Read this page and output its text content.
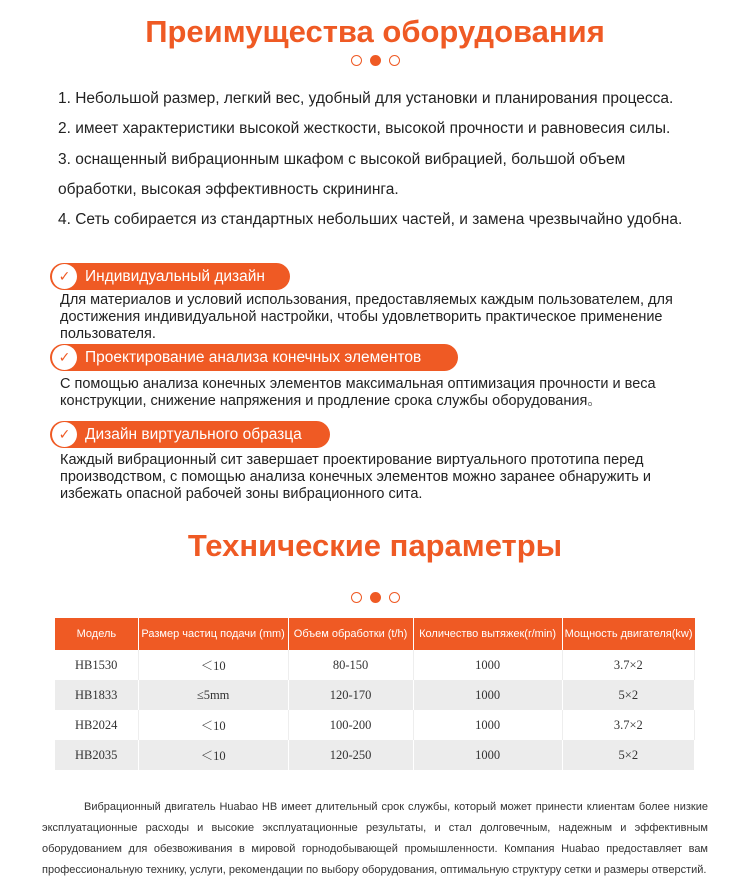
Преимущества оборудования
1. Небольшой размер, легкий вес, удобный для установки и планирования процесса.
2. имеет характеристики высокой жесткости, высокой прочности и равновесия силы.
3. оснащенный вибрационным шкафом с высокой вибрацией, большой объем
обработки, высокая эффективность скрининга.
4. Сеть собирается из стандартных небольших частей, и замена чрезвычайно удобна.
✓ Индивидуальный дизайн
Для материалов и условий использования, предоставляемых каждым пользователем, для достижения индивидуальной настройки, чтобы удовлетворить практическое применение пользователя.
✓ Проектирование анализа конечных элементов
С помощью анализа конечных элементов максимальная оптимизация прочности и веса конструкции, снижение напряжения и продление срока службы оборудования。
✓ Дизайн виртуального образца
Каждый вибрационный сит завершает проектирование виртуального прототипа перед производством, с помощью анализа конечных элементов можно заранее обнаружить и избежать опасной рабочей зоны вибрационного сита.
Технические параметры
Модель	Размер частиц подачи (mm)	Объем обработки (t/h)	Количество вытяжек(r/min)	Мощность двигателя(kw)
HB1530	＜10	80-150	1000	3.7×2
HB1833	≤5mm	120-170	1000	5×2
HB2024	＜10	100-200	1000	3.7×2
HB2035	＜10	120-250	1000	5×2
Вибрационный двигатель Huabao HB имеет длительный срок службы, который может принести клиентам более низкие эксплуатационные расходы и высокие эксплуатационные результаты, и стал долговечным, надежным и эффективным оборудованием для обезвоживания в мировой горнодобывающей промышленности. Компания Huabao предоставляет вам профессиональную технику, услуги, рекомендации по выбору оборудования, оптимальную структуру сетки и размеры отверстий.
